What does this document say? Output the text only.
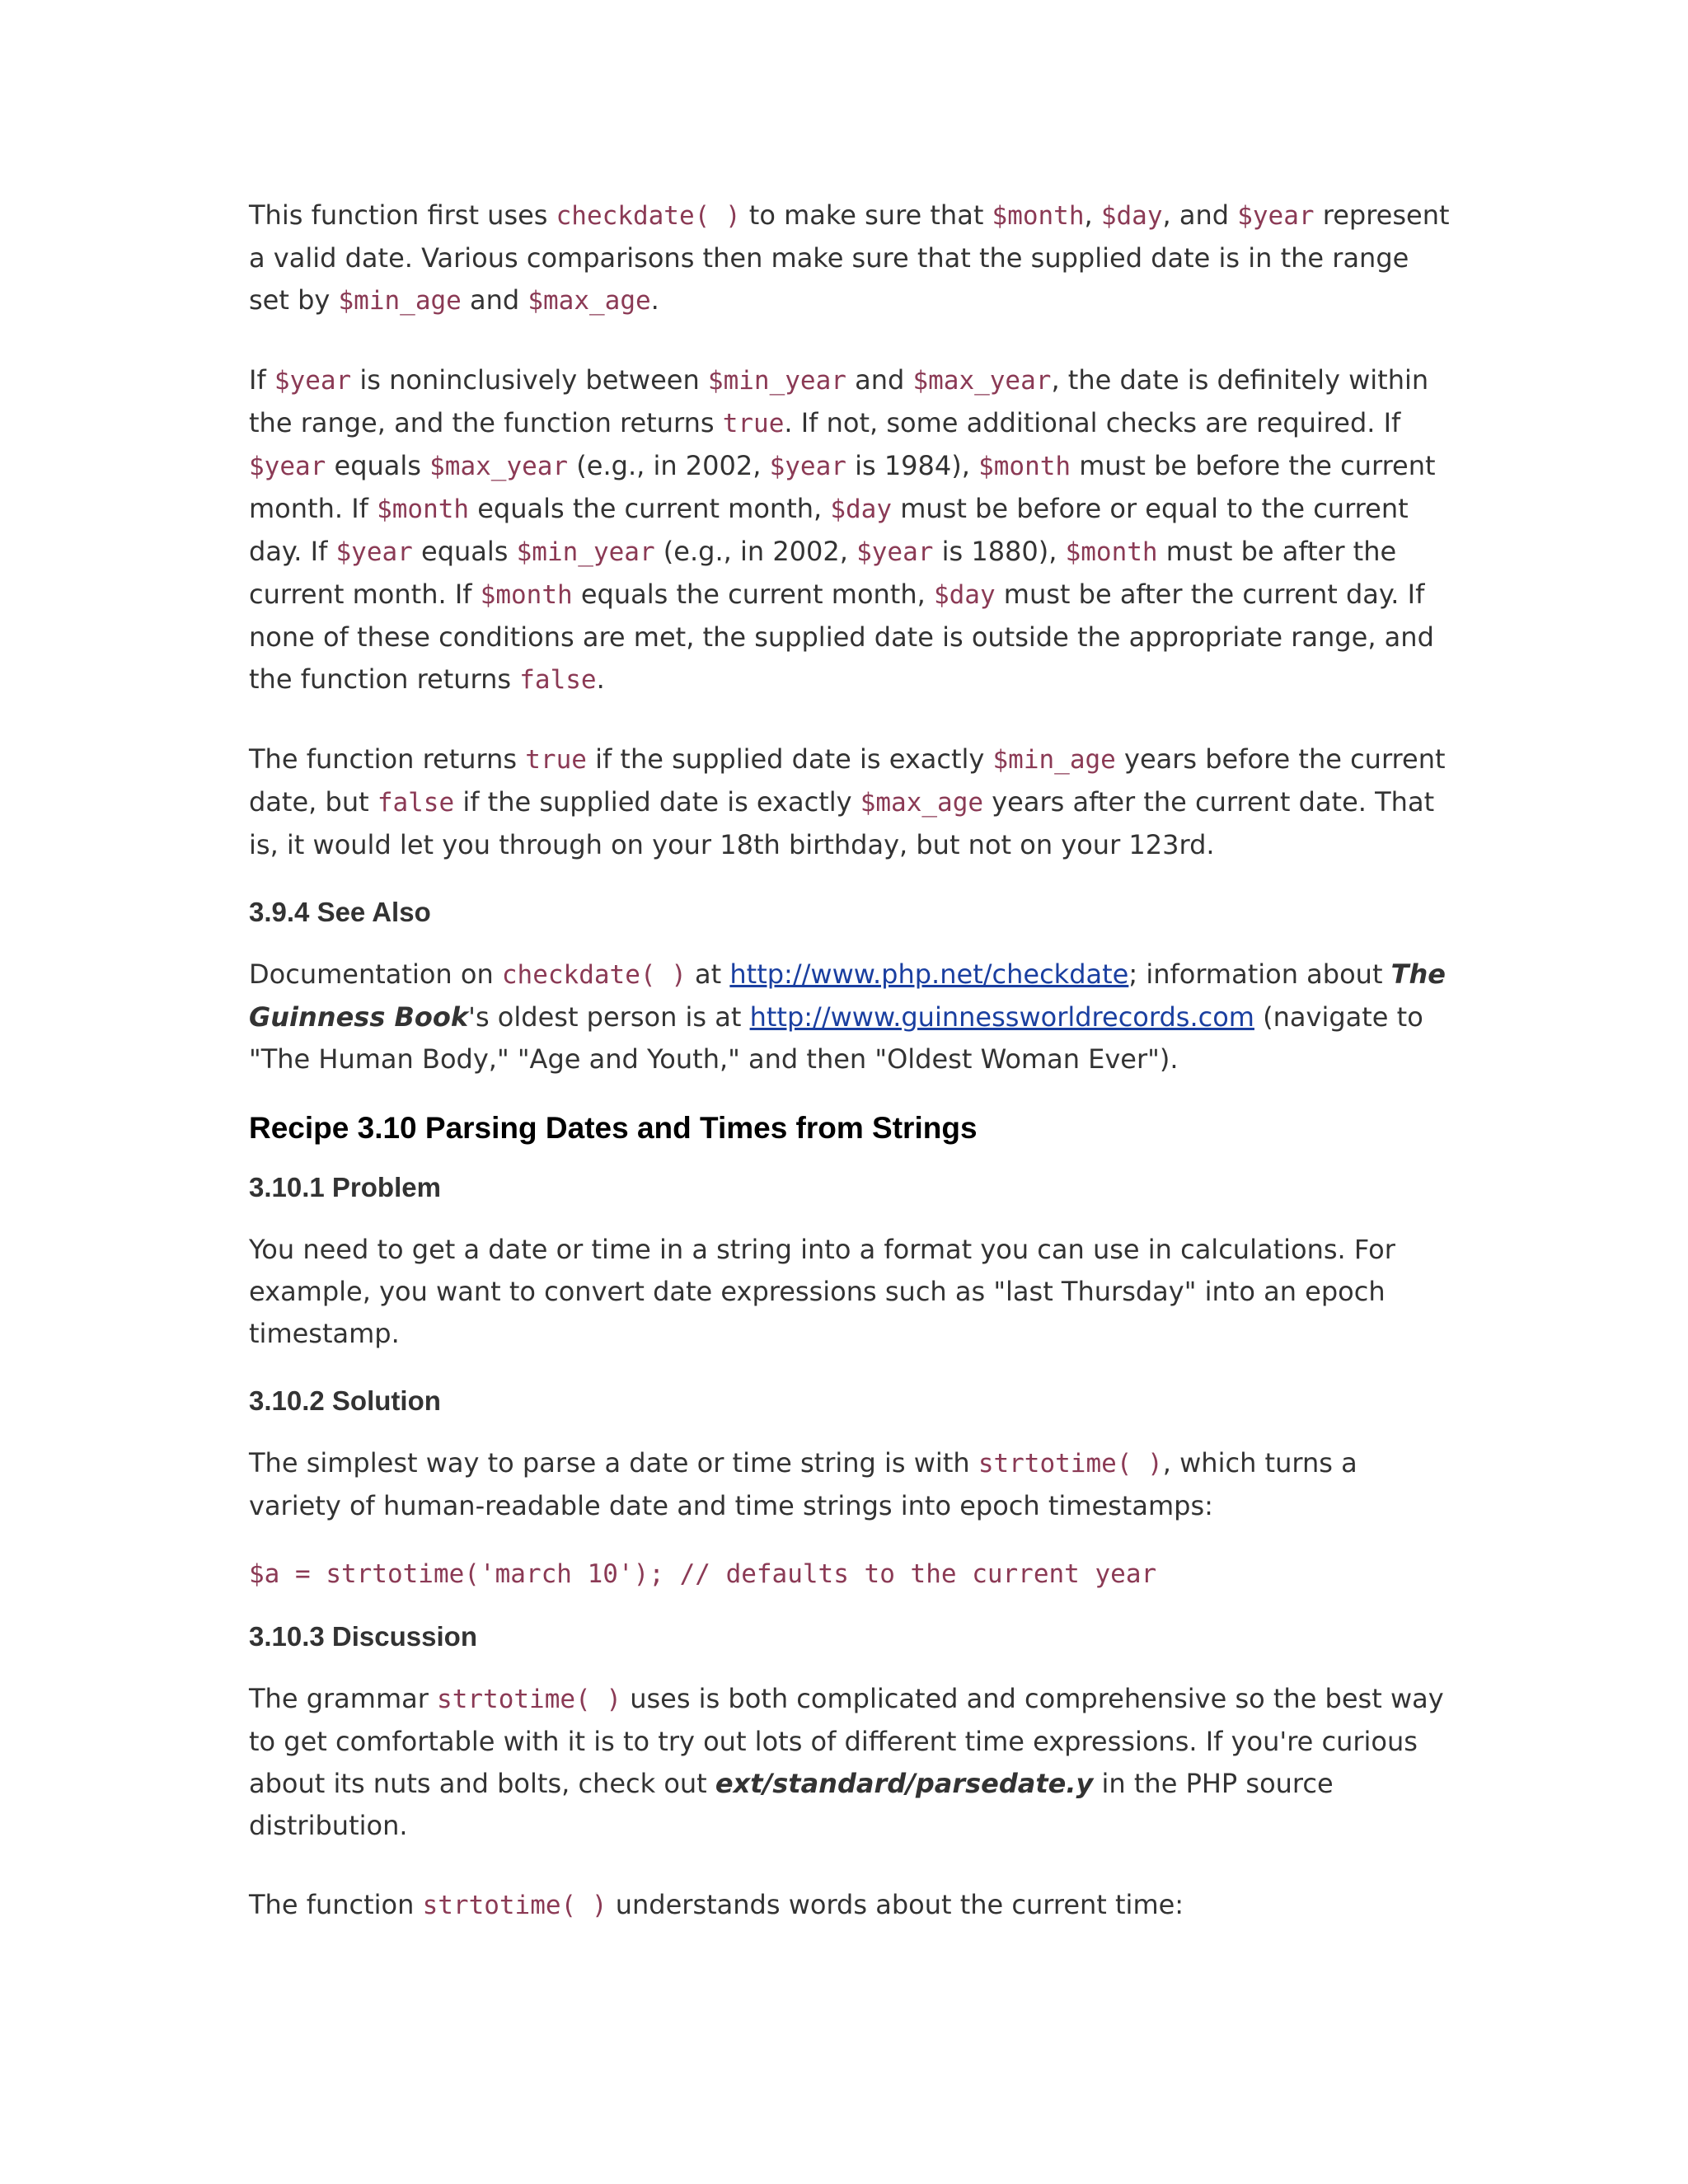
This function first uses checkdate( ) to make sure that $month, $day, and $year represent a valid date. Various comparisons then make sure that the supplied date is in the range set by $min_age and $max_age.

If $year is noninclusively between $min_year and $max_year, the date is definitely within the range, and the function returns true. If not, some additional checks are required. If $year equals $max_year (e.g., in 2002, $year is 1984), $month must be before the current month. If $month equals the current month, $day must be before or equal to the current day. If $year equals $min_year (e.g., in 2002, $year is 1880), $month must be after the current month. If $month equals the current month, $day must be after the current day. If none of these conditions are met, the supplied date is outside the appropriate range, and the function returns false.

The function returns true if the supplied date is exactly $min_age years before the current date, but false if the supplied date is exactly $max_age years after the current date. That is, it would let you through on your 18th birthday, but not on your 123rd.

3.9.4 See Also

Documentation on checkdate( ) at http://www.php.net/checkdate; information about The Guinness Book's oldest person is at http://www.guinnessworldrecords.com (navigate to "The Human Body," "Age and Youth," and then "Oldest Woman Ever").

Recipe 3.10 Parsing Dates and Times from Strings
3.10.1 Problem

You need to get a date or time in a string into a format you can use in calculations. For example, you want to convert date expressions such as "last Thursday" into an epoch timestamp.

3.10.2 Solution

The simplest way to parse a date or time string is with strtotime( ), which turns a variety of human-readable date and time strings into epoch timestamps:

$a = strtotime('march 10'); // defaults to the current year
3.10.3 Discussion

The grammar strtotime( ) uses is both complicated and comprehensive so the best way to get comfortable with it is to try out lots of different time expressions. If you're curious about its nuts and bolts, check out ext/standard/parsedate.y in the PHP source distribution.

The function strtotime( ) understands words about the current time:
